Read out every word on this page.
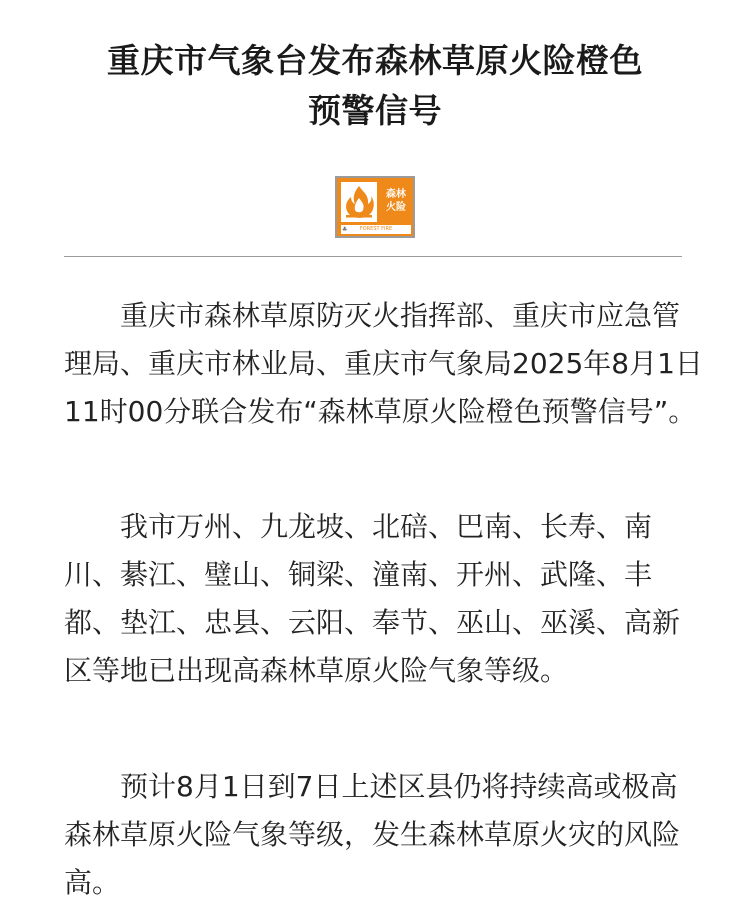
重庆市气象台发布森林草原火险橙色
预警信号
森林
火险
♣ FOREST FIRE

重庆市森林草原防灭火指挥部、重庆市应急管理局、重庆市林业局、重庆市气象局2025年8月1日11时00分联合发布“森林草原火险橙色预警信号”。

我市万州、九龙坡、北碚、巴南、长寿、南川、綦江、璧山、铜梁、潼南、开州、武隆、丰都、垫江、忠县、云阳、奉节、巫山、巫溪、高新区等地已出现高森林草原火险气象等级。

预计8月1日到7日上述区县仍将持续高或极高森林草原火险气象等级，发生森林草原火灾的风险高。
